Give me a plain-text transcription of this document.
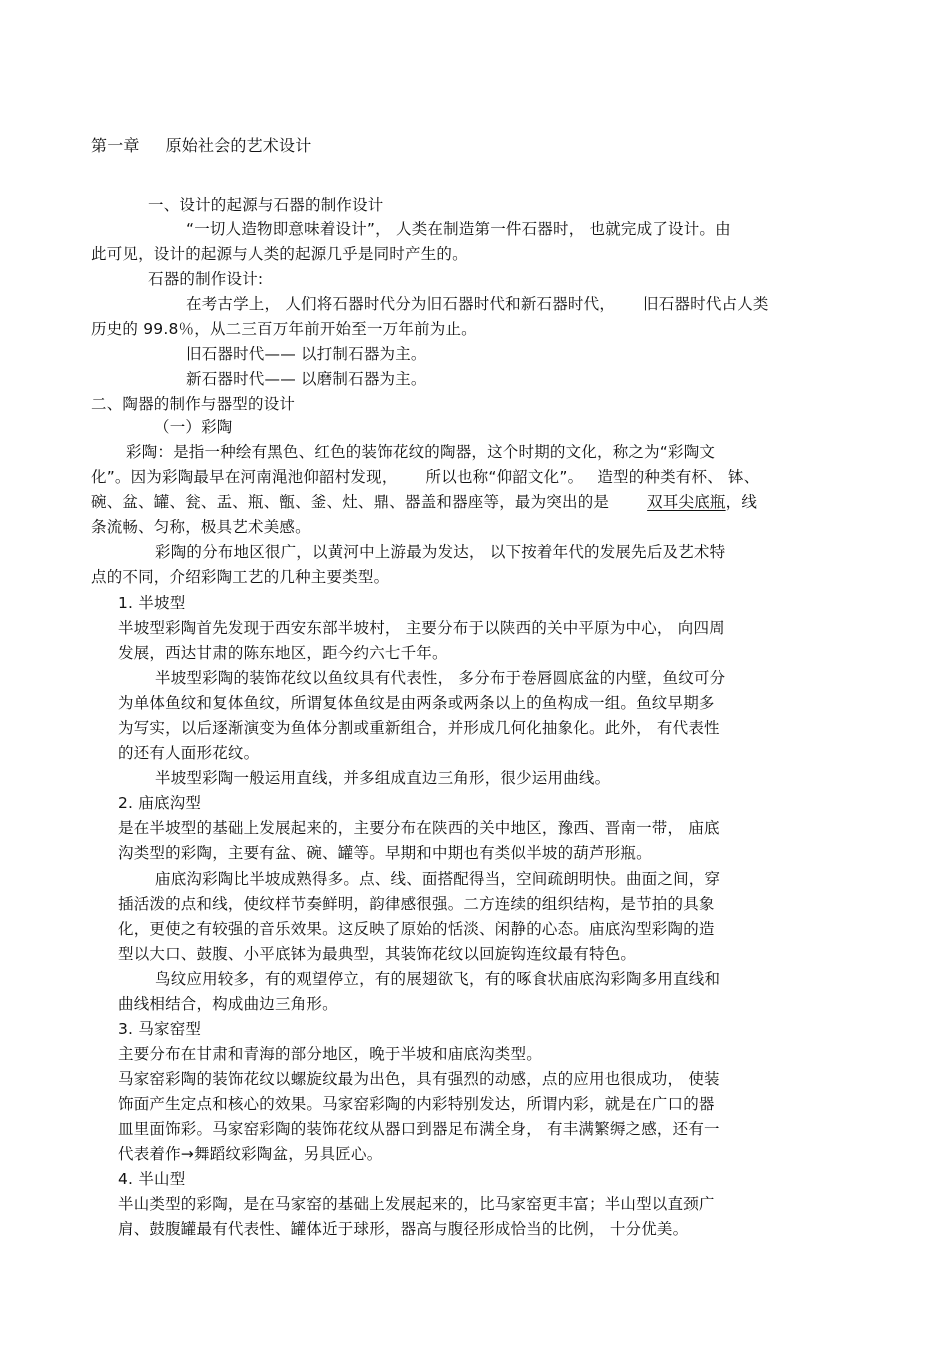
第一章 原始社会的艺术设计
一、设计的起源与石器的制作设计
“一切人造物即意味着设计”， 人类在制造第一件石器时， 也就完成了设计。由
此可见，设计的起源与人类的起源几乎是同时产生的。
石器的制作设计:
在考古学上， 人们将石器时代分为旧石器时代和新石器时代， 旧石器时代占人类
历史的 99.8％，从二三百万年前开始至一万年前为止。
旧石器时代—— 以打制石器为主。
新石器时代—— 以磨制石器为主。
二、陶器的制作与器型的设计
（一）彩陶
彩陶：是指一种绘有黑色、红色的装饰花纹的陶器，这个时期的文化，称之为“彩陶文
化”。因为彩陶最早在河南渑池仰韶村发现， 所以也称“仰韶文化”。 造型的种类有杯、 钵、
碗、盆、罐、瓮、盂、瓶、甑、釜、灶、鼎、器盖和器座等，最为突出的是 双耳尖底瓶，线
条流畅、匀称，极具艺术美感。
彩陶的分布地区很广，以黄河中上游最为发达， 以下按着年代的发展先后及艺术特
点的不同，介绍彩陶工艺的几种主要类型。
1. 半坡型
半坡型彩陶首先发现于西安东部半坡村， 主要分布于以陕西的关中平原为中心， 向四周
发展，西达甘肃的陈东地区，距今约六七千年。
半坡型彩陶的装饰花纹以鱼纹具有代表性， 多分布于卷唇圆底盆的内壁，鱼纹可分
为单体鱼纹和复体鱼纹，所谓复体鱼纹是由两条或两条以上的鱼构成一组。鱼纹早期多
为写实，以后逐渐演变为鱼体分割或重新组合，并形成几何化抽象化。此外， 有代表性
的还有人面形花纹。
半坡型彩陶一般运用直线，并多组成直边三角形，很少运用曲线。
2. 庙底沟型
是在半坡型的基础上发展起来的，主要分布在陕西的关中地区，豫西、晋南一带， 庙底
沟类型的彩陶，主要有盆、碗、罐等。早期和中期也有类似半坡的葫芦形瓶。
庙底沟彩陶比半坡成熟得多。点、线、面搭配得当，空间疏朗明快。曲面之间，穿
插活泼的点和线，使纹样节奏鲜明，韵律感很强。二方连续的组织结构，是节拍的具象
化，更使之有较强的音乐效果。这反映了原始的恬淡、闲静的心态。庙底沟型彩陶的造
型以大口、鼓腹、小平底钵为最典型，其装饰花纹以回旋钩连纹最有特色。
鸟纹应用较多，有的观望停立，有的展翅欲飞，有的啄食状庙底沟彩陶多用直线和
曲线相结合，构成曲边三角形。
3. 马家窑型
主要分布在甘肃和青海的部分地区，晚于半坡和庙底沟类型。
马家窑彩陶的装饰花纹以螺旋纹最为出色，具有强烈的动感，点的应用也很成功， 使装
饰面产生定点和核心的效果。马家窑彩陶的内彩特别发达，所谓内彩，就是在广口的器
皿里面饰彩。马家窑彩陶的装饰花纹从器口到器足布满全身， 有丰满繁缛之感，还有一
代表着作→舞蹈纹彩陶盆，另具匠心。
4. 半山型
半山类型的彩陶，是在马家窑的基础上发展起来的，比马家窑更丰富；半山型以直颈广
肩、鼓腹罐最有代表性、罐体近于球形，器高与腹径形成恰当的比例， 十分优美。
